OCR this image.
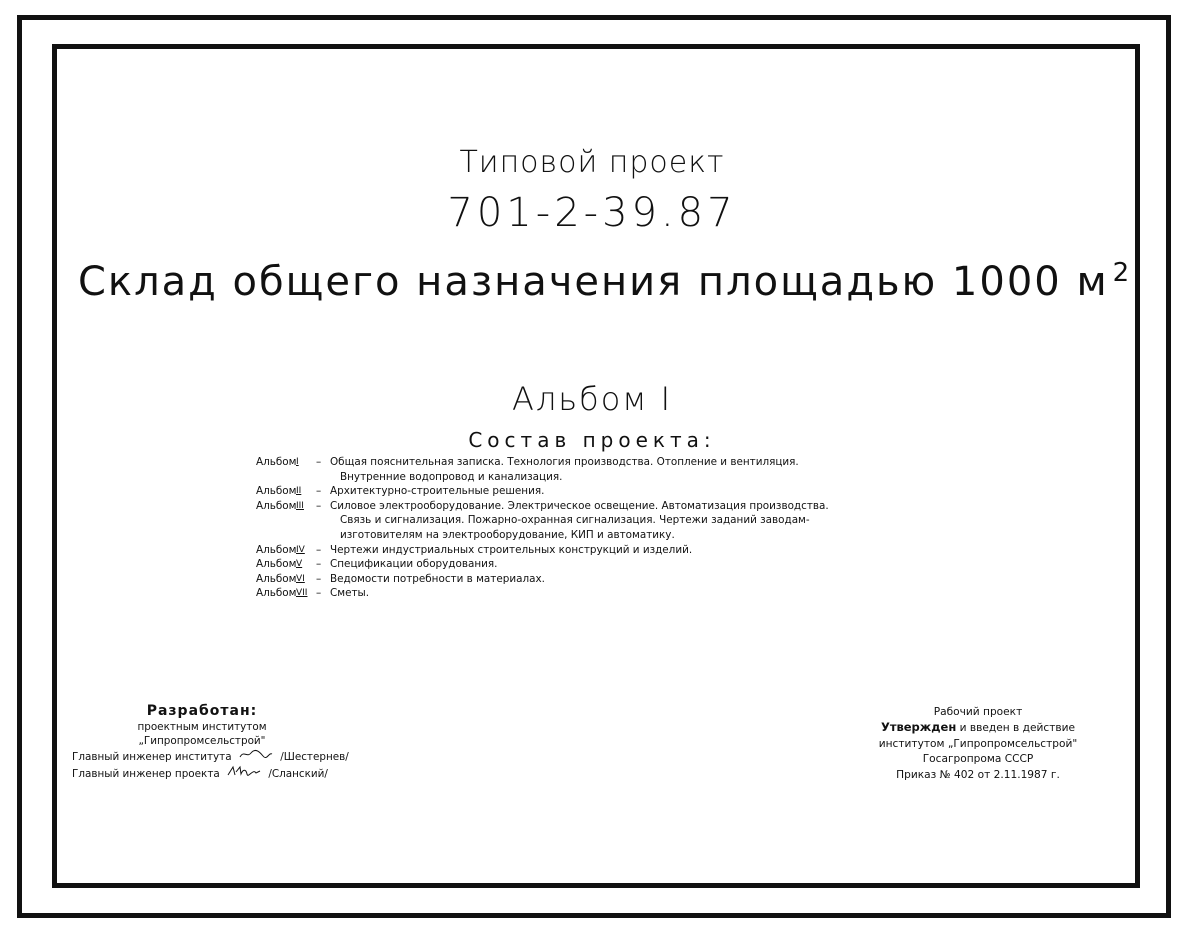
Типовой проект
701-2-39.87
Склад общего назначения площадью 1000 м $^2$
Альбом I
Состав проекта:
Альбом I	– Общая пояснительная записка. Технология производства. Отопление и вентиляция.
Внутренние водопровод и канализация.
Альбом II	– Архитектурно-строительные решения.
Альбом III	– Силовое электрооборудование. Электрическое освещение. Автоматизация производства.
Связь и сигнализация. Пожарно-охранная сигнализация. Чертежи заданий заводам-
изготовителям на электрооборудование, КИП и автоматику.
Альбом IV	– Чертежи индустриальных строительных конструкций и изделий.
Альбом V	– Спецификации оборудования.
Альбом VI	– Ведомости потребности в материалах.
Альбом VII – Сметы.
Разработан:
проектным институтом
„Гипропромсельстрой"
Главный инженер института	/Шестернев/
Главный инженер проекта	/Сланский/
Рабочий проект
Утвержден и введен в действие
институтом „Гипропромсельстрой"
Госагропрома СССР
Приказ № 402 от 2.11.1987 г.
